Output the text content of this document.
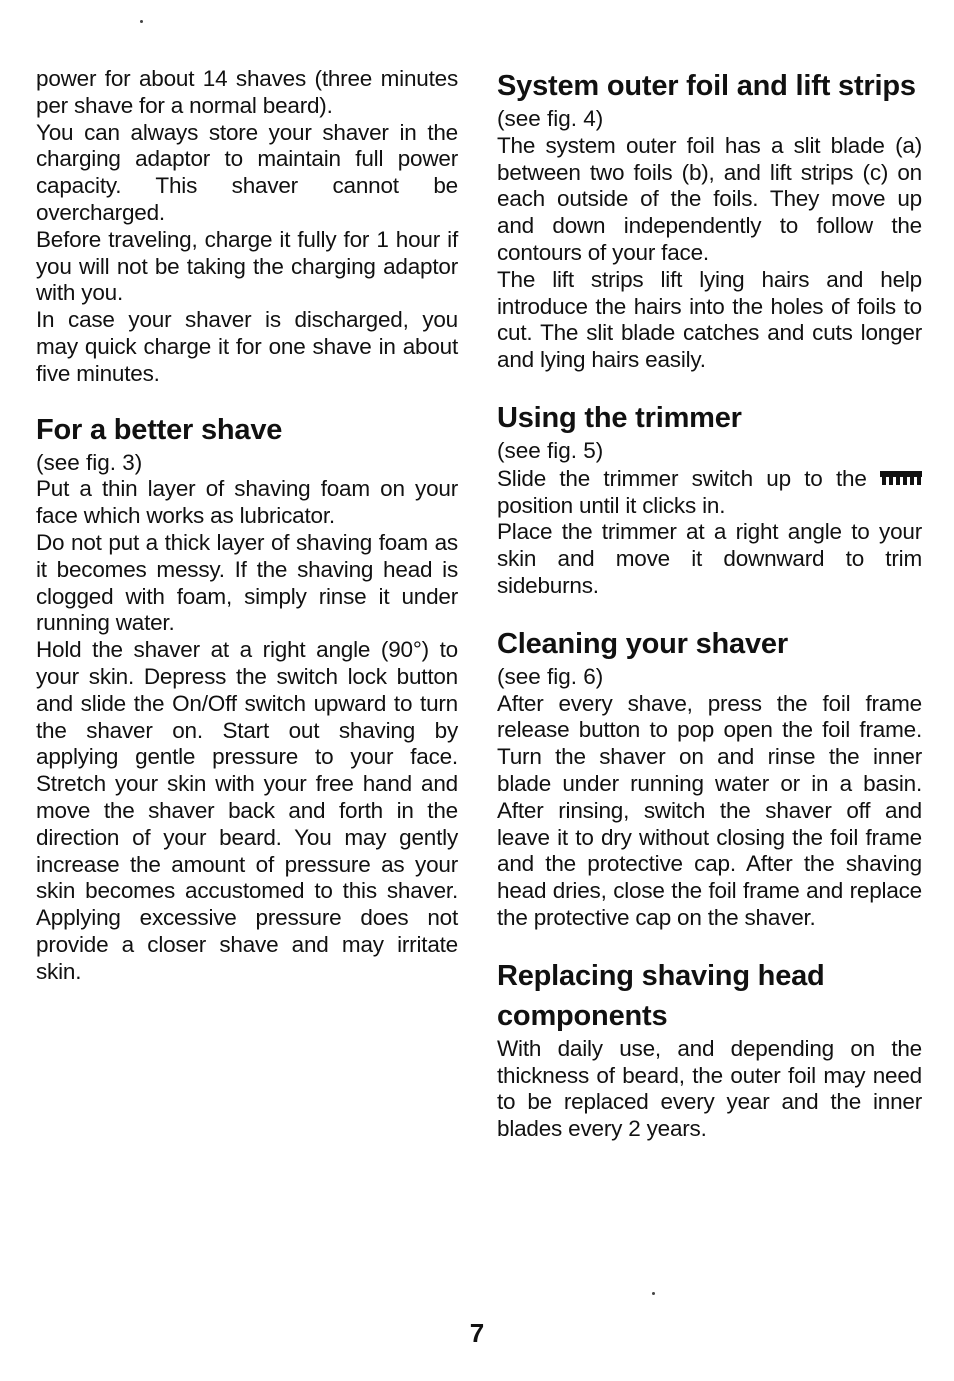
power for about 14 shaves (three minutes per shave for a normal beard).

You can always store your shaver in the charging adaptor to maintain full power capacity. This shaver cannot be overcharged.

Before traveling, charge it fully for 1 hour if you will not be taking the charging adaptor with you.

In case your shaver is discharged, you may quick charge it for one shave in about five minutes.

For a better shave

(see fig. 3)

Put a thin layer of shaving foam on your face which works as lubricator.

Do not put a thick layer of shaving foam as it becomes messy. If the shaving head is clogged with foam, simply rinse it under running water.

Hold the shaver at a right angle (90°) to your skin. Depress the switch lock button and slide the On/Off switch upward to turn the shaver on. Start out shaving by applying gentle pressure to your face. Stretch your skin with your free hand and move the shaver back and forth in the direction of your beard. You may gently increase the amount of pressure as your skin becomes accustomed to this shaver. Applying excessive pressure does not provide a closer shave and may irritate skin.

System outer foil and lift strips

(see fig. 4)

The system outer foil has a slit blade (a) between two foils (b), and lift strips (c) on each outside of the foils. They move up and down independently to follow the contours of your face.

The lift strips lift lying hairs and help introduce the hairs into the holes of foils to cut. The slit blade catches and cuts longer and lying hairs easily.

Using the trimmer

(see fig. 5)

Slide the trimmer switch up to the  position until it clicks in.

Place the trimmer at a right angle to your skin and move it downward to trim sideburns.

Cleaning your shaver

(see fig. 6)

After every shave, press the foil frame release button to pop open the foil frame. Turn the shaver on and rinse the inner blade under running water or in a basin. After rinsing, switch the shaver off and leave it to dry without closing the foil frame and the protective cap. After the shaving head dries, close the foil frame and replace the protective cap on the shaver.

Replacing shaving head components

With daily use, and depending on the thickness of beard, the outer foil may need to be replaced every year and the inner blades every 2 years.

7
